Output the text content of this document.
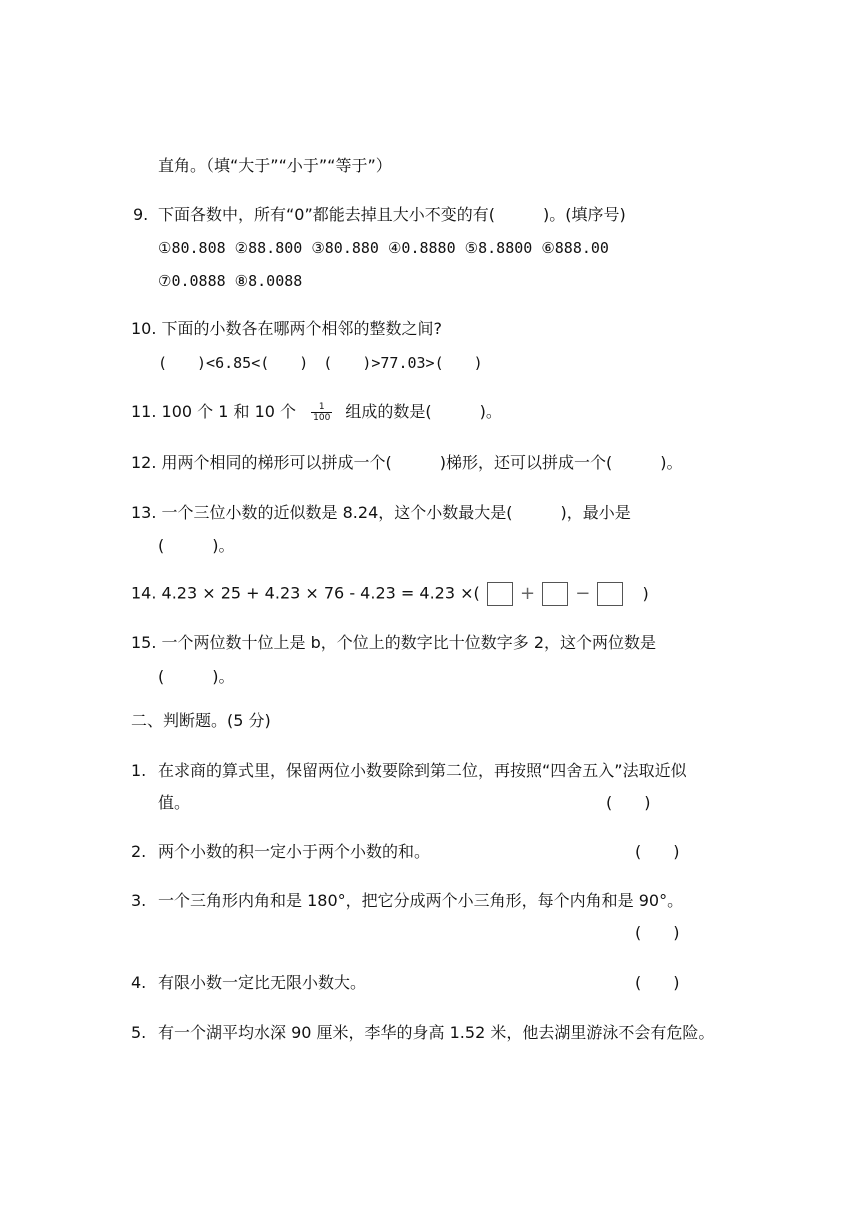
直角。（填“大于”“小于”“等于”）
9. 下面各数中，所有“0”都能去掉且大小不变的有(　　　)。(填序号)
①80.808 ②88.800 ③80.880 ④0.8880 ⑤8.8800 ⑥888.00
⑦0.0888 ⑧8.0088
10. 下面的小数各在哪两个相邻的整数之间?
(　　)<6.85<(　　)　(　　)>77.03>(　　)
11. 100 个 1 和 10 个 $\frac{1}{100}$ 组成的数是(　　　)。
12. 用两个相同的梯形可以拼成一个(　　　)梯形，还可以拼成一个(　　　)。
13. 一个三位小数的近似数是 8.24，这个小数最大是(　　　)，最小是
(　　　)。
14. 4.23 × 25 + 4.23 × 76 - 4.23 = 4.23 ×( + −	)
15. 一个两位数十位上是 b，个位上的数字比十位数字多 2，这个两位数是
(　　　)。
二、判断题。(5 分)
1. 在求商的算式里，保留两位小数要除到第二位，再按照“四舍五入”法取近似
值。	(　　)
2. 两个小数的积一定小于两个小数的和。	(　　)
3. 一个三角形内角和是 180°，把它分成两个小三角形，每个内角和是 90°。
(　　)
4. 有限小数一定比无限小数大。	(　　)
5. 有一个湖平均水深 90 厘米，李华的身高 1.52 米，他去湖里游泳不会有危险。
